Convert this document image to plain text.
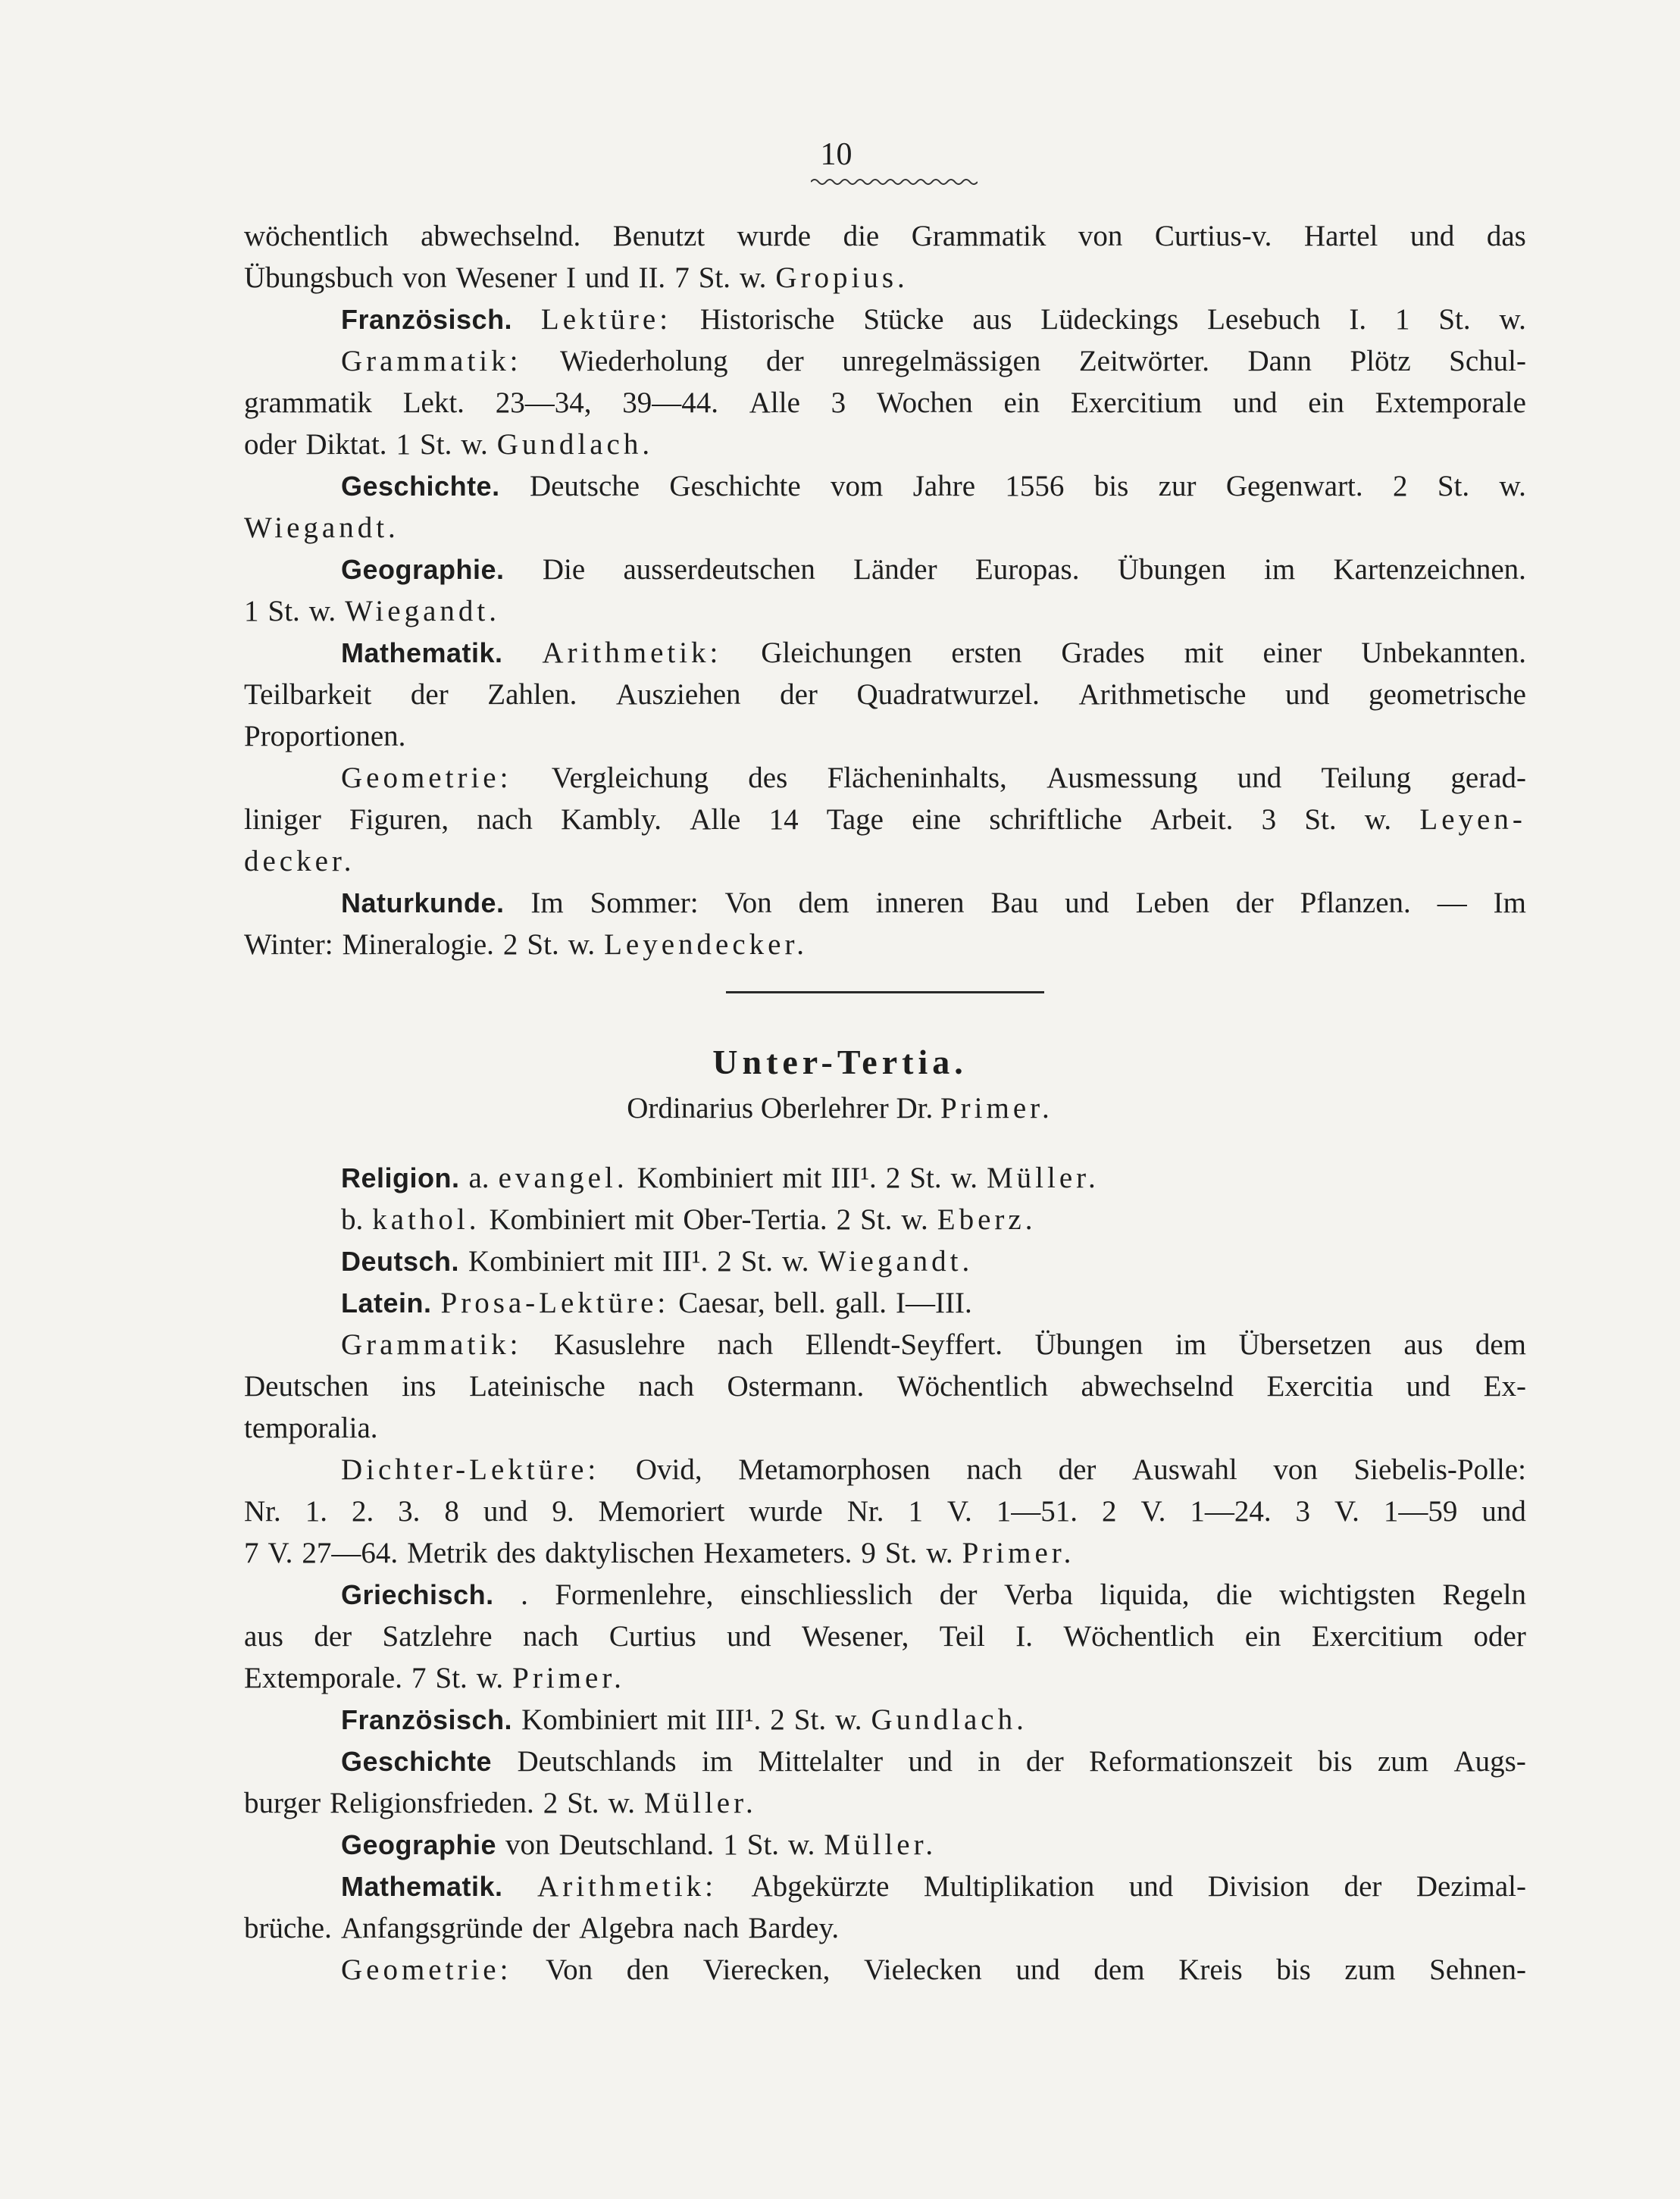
10
wöchentlich abwechselnd. Benutzt wurde die Grammatik von Curtius-v. Hartel und das
Übungsbuch von Wesener I und II. 7 St. w. Gropius.
Französisch. Lektüre: Historische Stücke aus Lüdeckings Lesebuch I. 1 St. w.
Grammatik: Wiederholung der unregelmässigen Zeitwörter. Dann Plötz Schul-
grammatik Lekt. 23—34, 39—44. Alle 3 Wochen ein Exercitium und ein Extemporale
oder Diktat. 1 St. w. Gundlach.
Geschichte. Deutsche Geschichte vom Jahre 1556 bis zur Gegenwart. 2 St. w.
Wiegandt.
Geographie. Die ausserdeutschen Länder Europas. Übungen im Kartenzeichnen.
1 St. w. Wiegandt.
Mathematik. Arithmetik: Gleichungen ersten Grades mit einer Unbekannten.
Teilbarkeit der Zahlen. Ausziehen der Quadratwurzel. Arithmetische und geometrische
Proportionen.
Geometrie: Vergleichung des Flächeninhalts, Ausmessung und Teilung gerad-
liniger Figuren, nach Kambly. Alle 14 Tage eine schriftliche Arbeit. 3 St. w. Leyen-
decker.
Naturkunde. Im Sommer: Von dem inneren Bau und Leben der Pflanzen. — Im
Winter: Mineralogie. 2 St. w. Leyendecker.
Unter-Tertia.
Ordinarius Oberlehrer Dr. Primer.
Religion. a. evangel. Kombiniert mit III¹. 2 St. w. Müller.
b. kathol. Kombiniert mit Ober-Tertia. 2 St. w. Eberz.
Deutsch. Kombiniert mit III¹. 2 St. w. Wiegandt.
Latein. Prosa-Lektüre: Caesar, bell. gall. I—III.
Grammatik: Kasuslehre nach Ellendt-Seyffert. Übungen im Übersetzen aus dem
Deutschen ins Lateinische nach Ostermann. Wöchentlich abwechselnd Exercitia und Ex-
temporalia.
Dichter-Lektüre: Ovid, Metamorphosen nach der Auswahl von Siebelis-Polle:
Nr. 1. 2. 3. 8 und 9. Memoriert wurde Nr. 1 V. 1—51. 2 V. 1—24. 3 V. 1—59 und
7 V. 27—64. Metrik des daktylischen Hexameters. 9 St. w. Primer.
Griechisch. . Formenlehre, einschliesslich der Verba liquida, die wichtigsten Regeln
aus der Satzlehre nach Curtius und Wesener, Teil I. Wöchentlich ein Exercitium oder
Extemporale. 7 St. w. Primer.
Französisch. Kombiniert mit III¹. 2 St. w. Gundlach.
Geschichte Deutschlands im Mittelalter und in der Reformationszeit bis zum Augs-
burger Religionsfrieden. 2 St. w. Müller.
Geographie von Deutschland. 1 St. w. Müller.
Mathematik. Arithmetik: Abgekürzte Multiplikation und Division der Dezimal-
brüche. Anfangsgründe der Algebra nach Bardey.
Geometrie: Von den Vierecken, Vielecken und dem Kreis bis zum Sehnen-
